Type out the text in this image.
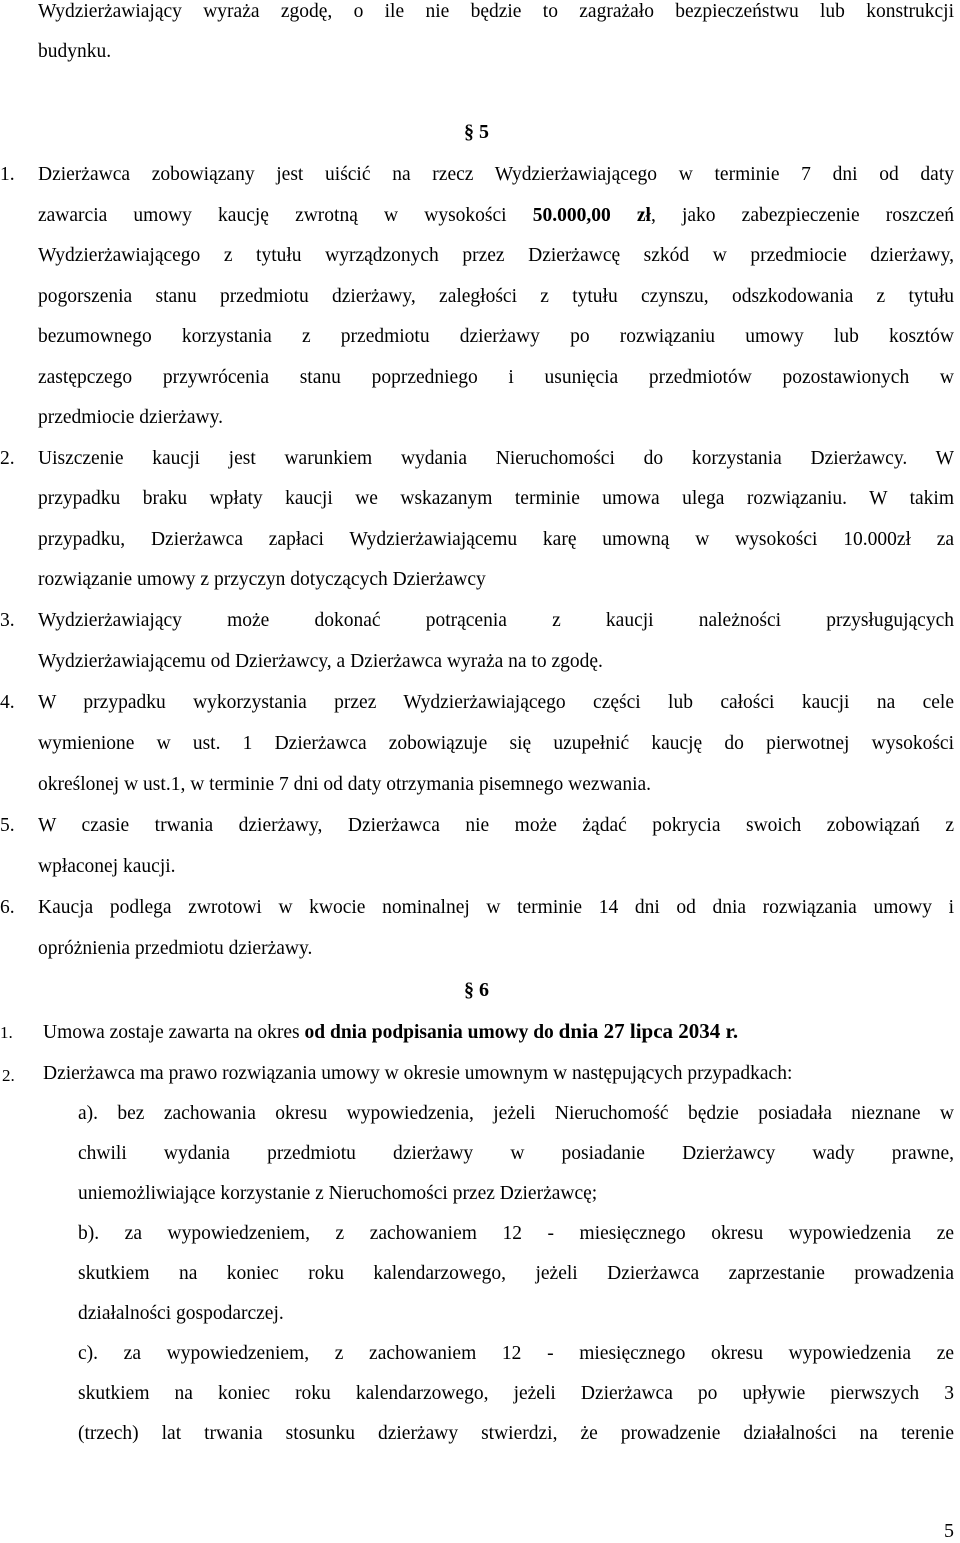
Wydzierżawiający wyraża zgodę, o ile nie będzie to zagrażało bezpieczeństwu lub konstrukcji
budynku.
§ 5
1.	Dzierżawca zobowiązany jest uiścić na rzecz Wydzierżawiającego w terminie 7 dni od daty
zawarcia umowy kaucję zwrotną w wysokości 50.000,00 zł, jako zabezpieczenie roszczeń
Wydzierżawiającego z tytułu wyrządzonych przez Dzierżawcę szkód w przedmiocie dzierżawy,
pogorszenia stanu przedmiotu dzierżawy, zaległości z tytułu czynszu, odszkodowania z tytułu
bezumownego korzystania z przedmiotu dzierżawy po rozwiązaniu umowy lub kosztów
zastępczego przywrócenia stanu poprzedniego i usunięcia przedmiotów pozostawionych w
przedmiocie dzierżawy.
2.	Uiszczenie kaucji jest warunkiem wydania Nieruchomości do korzystania Dzierżawcy. W
przypadku braku wpłaty kaucji we wskazanym terminie umowa ulega rozwiązaniu. W takim
przypadku, Dzierżawca zapłaci Wydzierżawiającemu karę umowną w wysokości 10.000zł za
rozwiązanie umowy z przyczyn dotyczących Dzierżawcy
3.	Wydzierżawiający może dokonać potrącenia z kaucji należności przysługujących
Wydzierżawiającemu od Dzierżawcy, a Dzierżawca wyraża na to zgodę.
4.	W przypadku wykorzystania przez Wydzierżawiającego części lub całości kaucji na cele
wymienione w ust. 1 Dzierżawca zobowiązuje się uzupełnić kaucję do pierwotnej wysokości
określonej w ust.1, w terminie 7 dni od daty otrzymania pisemnego wezwania.
5.	W czasie trwania dzierżawy, Dzierżawca nie może żądać pokrycia swoich zobowiązań z
wpłaconej kaucji.
6.	Kaucja podlega zwrotowi w kwocie nominalnej w terminie 14 dni od dnia rozwiązania umowy i
opróżnienia przedmiotu dzierżawy.
§ 6
1.	Umowa zostaje zawarta na okres od dnia podpisania umowy do dnia 27 lipca 2034 r.
2.	Dzierżawca ma prawo rozwiązania umowy w okresie umownym w następujących przypadkach:
a). bez zachowania okresu wypowiedzenia, jeżeli Nieruchomość będzie posiadała nieznane w
chwili wydania przedmiotu dzierżawy w posiadanie Dzierżawcy wady prawne,
uniemożliwiające korzystanie z Nieruchomości przez Dzierżawcę;
b). za wypowiedzeniem, z zachowaniem 12 - miesięcznego okresu wypowiedzenia ze
skutkiem na koniec roku kalendarzowego, jeżeli Dzierżawca zaprzestanie prowadzenia
działalności gospodarczej.
c). za wypowiedzeniem, z zachowaniem 12 - miesięcznego okresu wypowiedzenia ze
skutkiem na koniec roku kalendarzowego, jeżeli Dzierżawca po upływie pierwszych 3
(trzech) lat trwania stosunku dzierżawy stwierdzi, że prowadzenie działalności na terenie
5
